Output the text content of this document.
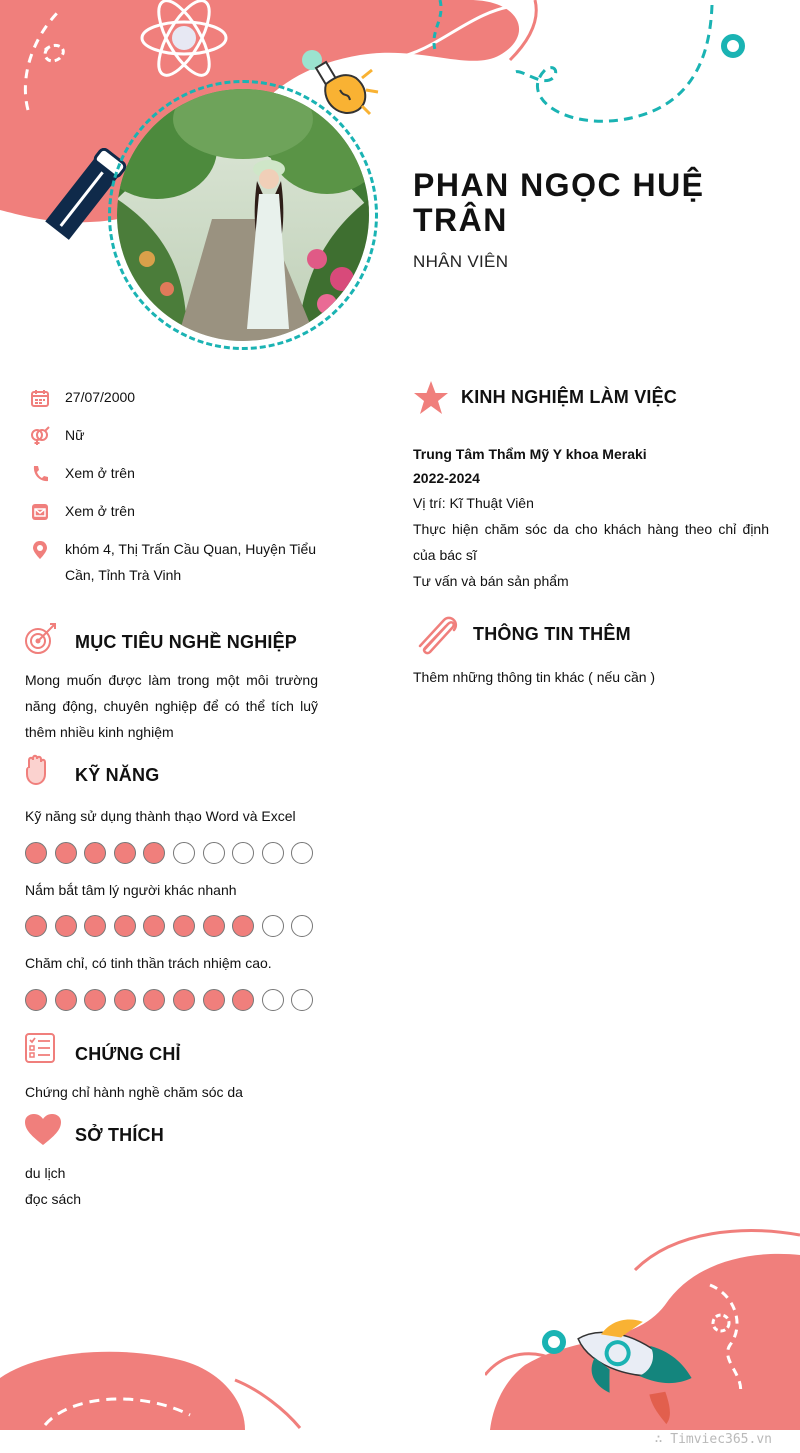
PHAN NGỌC HUỆ TRÂN
NHÂN VIÊN
27/07/2000
Nữ
Xem ở trên
Xem ở trên
khóm 4, Thị Trấn Cầu Quan, Huyện Tiểu Cần, Tỉnh Trà Vinh
MỤC TIÊU NGHỀ NGHIỆP
Mong muốn được làm trong một môi trường năng động, chuyên nghiệp để có thể tích luỹ thêm nhiều kinh nghiệm
KỸ NĂNG
Kỹ năng sử dụng thành thạo Word và Excel
Nắm bắt tâm lý người khác nhanh
Chăm chỉ, có tinh thần trách nhiệm cao.
CHỨNG CHỈ
Chứng chỉ hành nghề chăm sóc da
SỞ THÍCH
du lịch
đọc sách
KINH NGHIỆM LÀM VIỆC
Trung Tâm Thẩm Mỹ Y khoa Meraki
2022-2024
Vị trí: Kĩ Thuật Viên
Thực hiện chăm sóc da cho khách hàng theo chỉ định của bác sĩ
Tư vấn và bán sản phẩm
THÔNG TIN THÊM
Thêm những thông tin khác ( nếu cần )
∴ Timviec365.vn
